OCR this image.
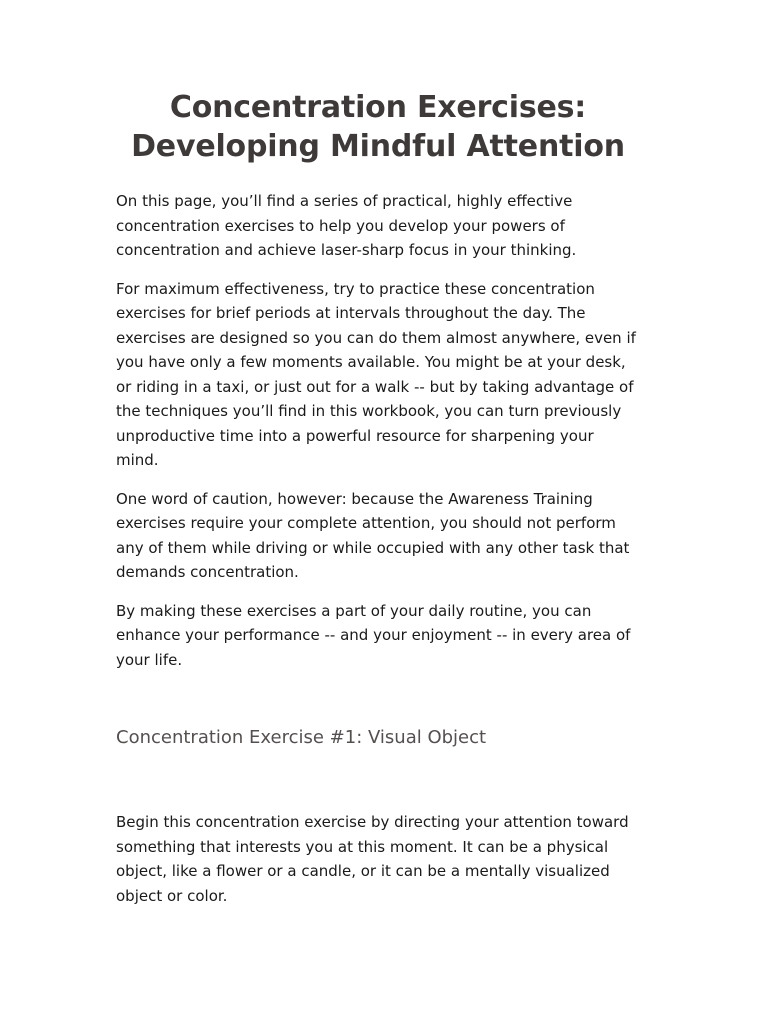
Concentration Exercises:
Developing Mindful Attention

On this page, you’ll find a series of practical, highly effective concentration exercises to help you develop your powers of concentration and achieve laser-sharp focus in your thinking.

For maximum effectiveness, try to practice these concentration exercises for brief periods at intervals throughout the day. The exercises are designed so you can do them almost anywhere, even if you have only a few moments available. You might be at your desk, or riding in a taxi, or just out for a walk -- but by taking advantage of the techniques you’ll find in this workbook, you can turn previously unproductive time into a powerful resource for sharpening your mind.

One word of caution, however: because the Awareness Training exercises require your complete attention, you should not perform any of them while driving or while occupied with any other task that demands concentration.

By making these exercises a part of your daily routine, you can enhance your performance -- and your enjoyment -- in every area of your life.

Concentration Exercise #1: Visual Object

Begin this concentration exercise by directing your attention toward something that interests you at this moment. It can be a physical object, like a flower or a candle, or it can be a mentally visualized object or color.
